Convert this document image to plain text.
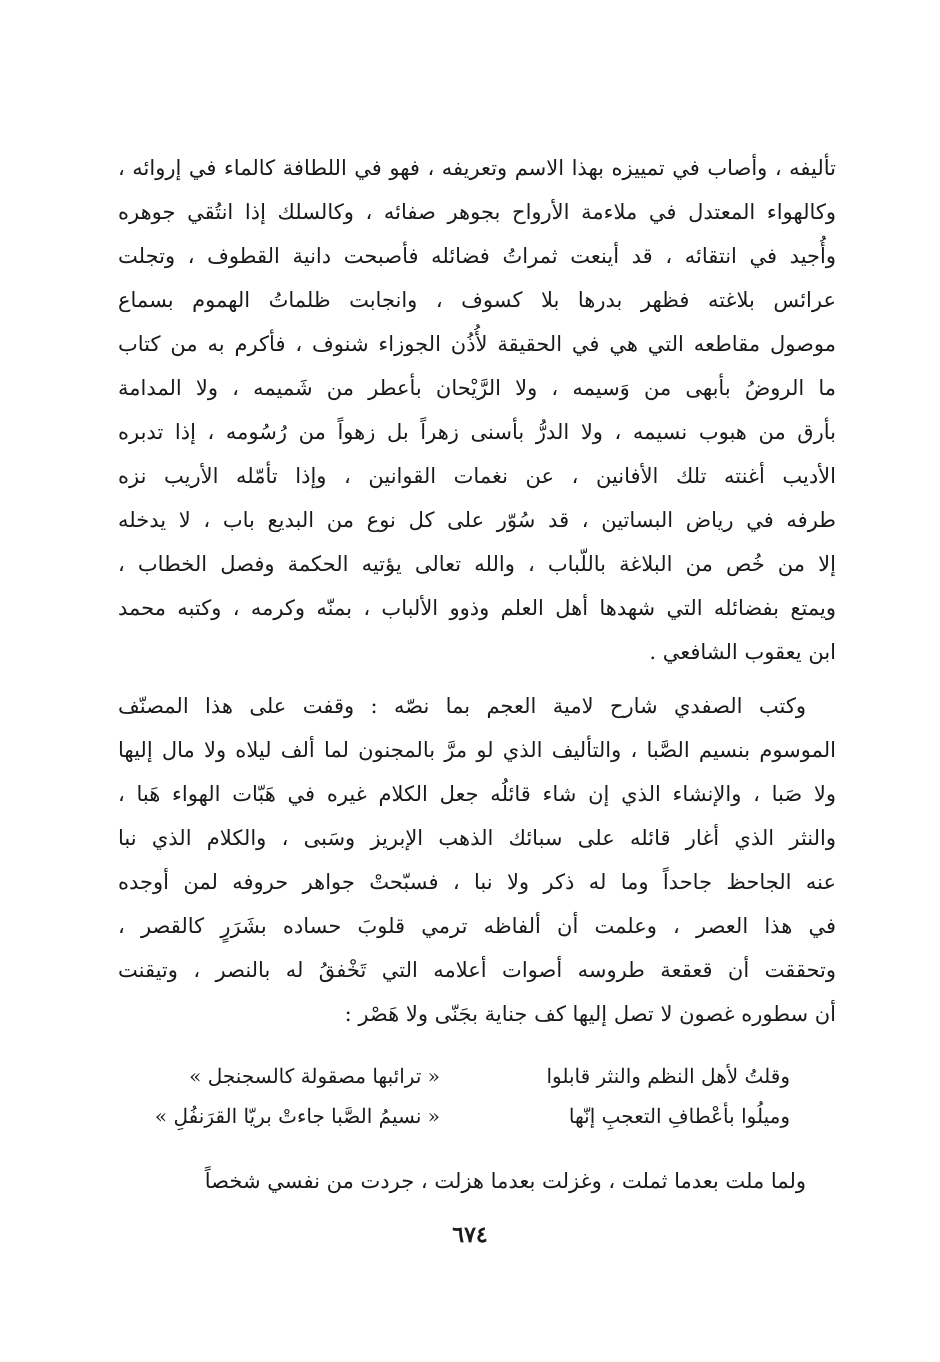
تأليفه ، وأصاب في تمييزه بهذا الاسم وتعريفه ، فهو في اللطافة كالماء في إروائه ،
وكالهواء المعتدل في ملاءمة الأرواح بجوهر صفائه ، وكالسلك إذا انتُقي جوهره
وأُجيد في انتقائه ، قد أينعت ثمراتُ فضائله فأصبحت دانية القطوف ، وتجلت
عرائس بلاغته فظهر بدرها بلا كسوف ، وانجابت ظلماتُ الهموم بسماع
موصول مقاطعه التي هي في الحقيقة لأُذُن الجوزاء شنوف ، فأكرم به من كتاب
ما الروضُ بأبهى من وَسيمه ، ولا الرَّيْحان بأعطر من شَميمه ، ولا المدامة
بأرق من هبوب نسيمه ، ولا الدرُّ بأسنى زهراً بل زهواً من رُسُومه ، إذا تدبره
الأديب أغنته تلك الأفانين ، عن نغمات القوانين ، وإذا تأمّله الأريب نزه
طرفه في رياض البساتين ، قد سُوّر على كل نوع من البديع باب ، لا يدخله
إلا من خُص من البلاغة باللّباب ، والله تعالى يؤتيه الحكمة وفصل الخطاب ،
ويمتع بفضائله التي شهدها أهل العلم وذوو الألباب ، بمنّه وكرمه ، وكتبه محمد
ابن يعقوب الشافعي .
وكتب الصفدي شارح لامية العجم بما نصّه : وقفت على هذا المصنّف
الموسوم بنسيم الصَّبا ، والتأليف الذي لو مرَّ بالمجنون لما ألف ليلاه ولا مال إليها
ولا صَبا ، والإنشاء الذي إن شاء قائلُه جعل الكلام غيره في هَبّات الهواء هَبا ،
والنثر الذي أغار قائله على سبائك الذهب الإبريز وسَبى ، والكلام الذي نبا
عنه الجاحظ جاحداً وما له ذكر ولا نبا ، فسبّحتْ جواهر حروفه لمن أوجده
في هذا العصر ، وعلمت أن ألفاظه ترمي قلوبَ حساده بشَرَرٍ كالقصر ،
وتحققت أن قعقعة طروسه أصوات أعلامه التي تَخْفقُ له بالنصر ، وتيقنت
أن سطوره غصون لا تصل إليها كف جناية بجَنّى ولا هَصْر :
وقلتُ لأهل النظم والنثر قابلوا
« ترائبها مصقولة كالسجنجل »
وميلُوا بأعْطافِ التعجبِ إنّها
« نسيمُ الصَّبا جاءتْ بريّا القرَنفُلِ »
ولما ملت بعدما ثملت ، وغزلت بعدما هزلت ، جردت من نفسي شخصاً
٦٧٤
